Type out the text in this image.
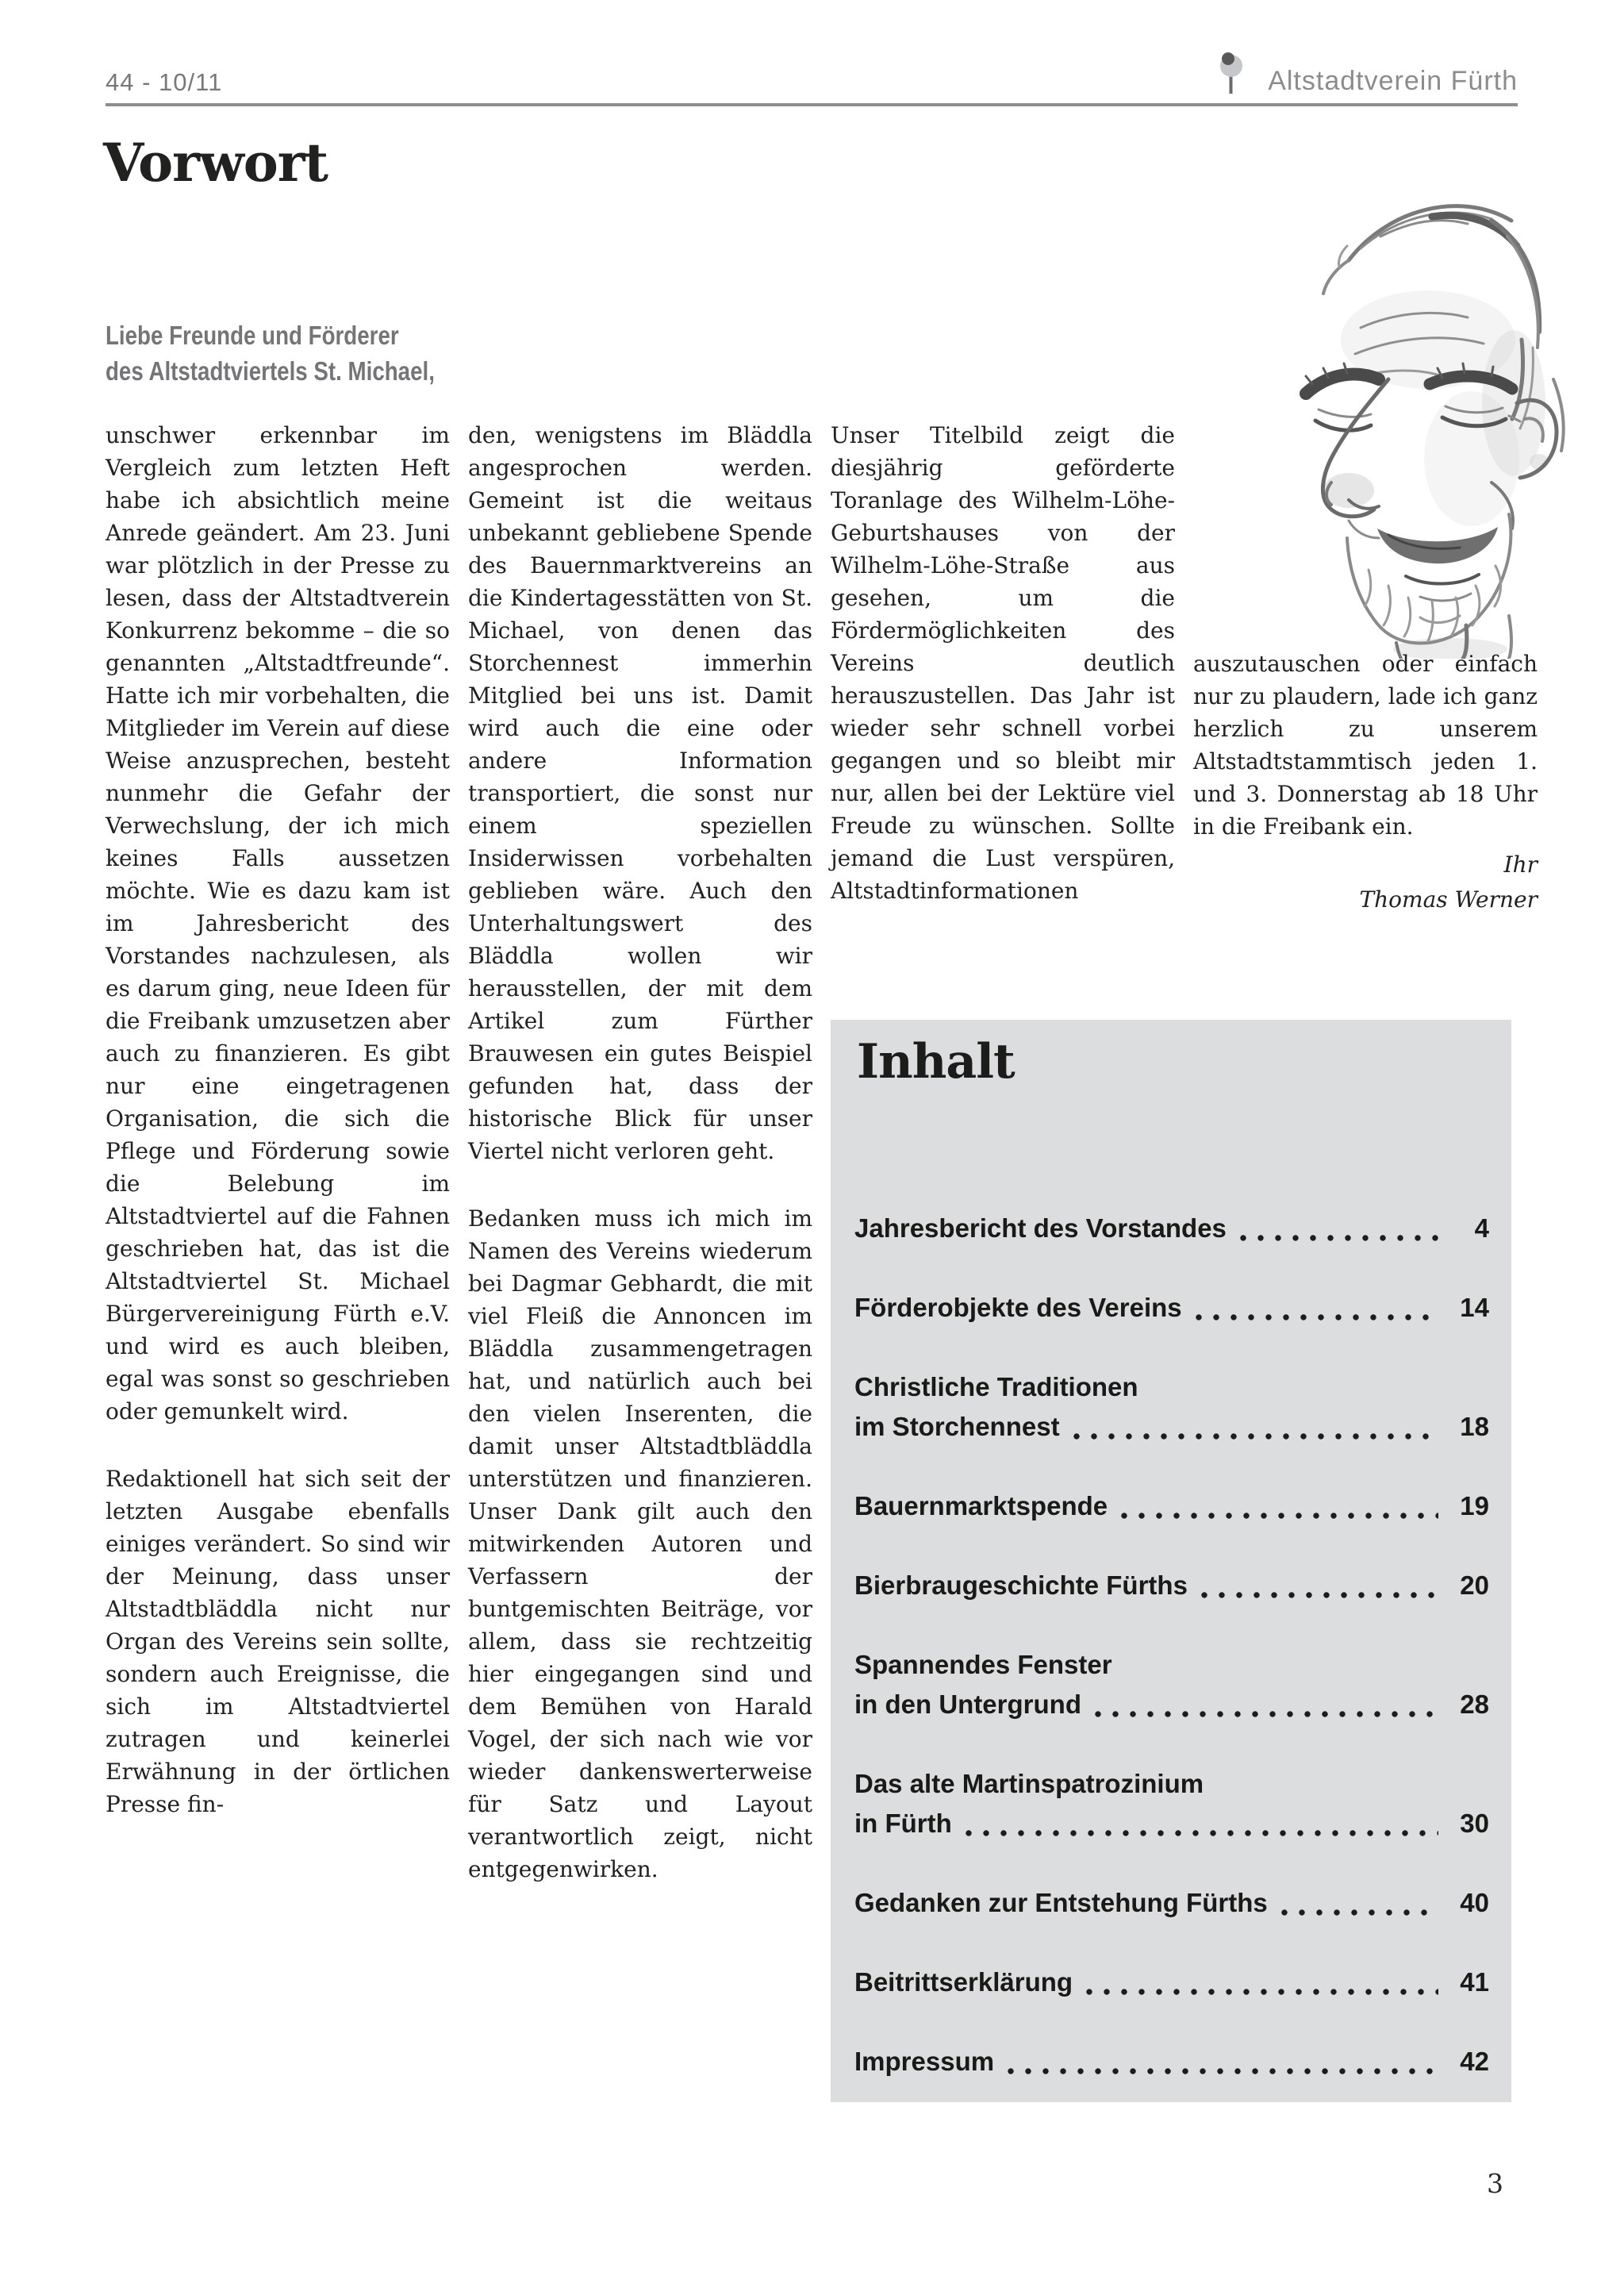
44 - 10/11	Altstadtverein Fürth
Vorwort
Liebe Freunde und Förderer
des Altstadtviertels St. Michael,
unschwer erkennbar im Vergleich zum letzten Heft habe ich absichtlich meine Anrede geändert. Am 23. Juni war plötzlich in der Presse zu lesen, dass der Altstadtverein Konkurrenz bekomme – die so genannten „Altstadtfreunde“. Hatte ich mir vorbehalten, die Mitglieder im Verein auf diese Weise anzusprechen, besteht nunmehr die Gefahr der Verwechslung, der ich mich keines Falls aussetzen möchte. Wie es dazu kam ist im Jahresbericht des Vorstandes nachzulesen, als es darum ging, neue Ideen für die Freibank umzusetzen aber auch zu finanzieren. Es gibt nur eine eingetragenen Organisation, die sich die Pflege und Förderung sowie die Belebung im Altstadtviertel auf die Fahnen geschrieben hat, das ist die Altstadtviertel St. Michael Bürgervereinigung Fürth e.V. und wird es auch bleiben, egal was sonst so geschrieben oder gemunkelt wird.
Redaktionell hat sich seit der letzten Ausgabe ebenfalls einiges verändert. So sind wir der Meinung, dass unser Altstadtbläddla nicht nur Organ des Vereins sein sollte, sondern auch Ereignisse, die sich im Altstadtviertel zutragen und keinerlei Erwähnung in der örtlichen Presse fin-
den, wenigstens im Bläddla angesprochen werden. Gemeint ist die weitaus unbekannt gebliebene Spende des Bauernmarktvereins an die Kindertagesstätten von St. Michael, von denen das Storchennest immerhin Mitglied bei uns ist. Damit wird auch die eine oder andere Information transportiert, die sonst nur einem speziellen Insiderwissen vorbehalten geblieben wäre. Auch den Unterhaltungswert des Bläddla wollen wir herausstellen, der mit dem Artikel zum Fürther Brauwesen ein gutes Beispiel gefunden hat, dass der historische Blick für unser Viertel nicht verloren geht.
Bedanken muss ich mich im Namen des Vereins wiederum bei Dagmar Gebhardt, die mit viel Fleiß die Annoncen im Bläddla zusammengetragen hat, und natürlich auch bei den vielen Inserenten, die damit unser Altstadtbläddla unterstützen und finanzieren. Unser Dank gilt auch den mitwirkenden Autoren und Verfassern der buntgemischten Beiträge, vor allem, dass sie rechtzeitig hier eingegangen sind und dem Bemühen von Harald Vogel, der sich nach wie vor wieder dankenswerterweise für Satz und Layout verantwortlich zeigt, nicht entgegenwirken.
Unser Titelbild zeigt die diesjährig geförderte Toranlage des Wilhelm-Löhe-Geburtshauses von der Wilhelm-Löhe-Straße aus gesehen, um die Fördermöglichkeiten des Vereins deutlich herauszustellen. Das Jahr ist wieder sehr schnell vorbei gegangen und so bleibt mir nur, allen bei der Lektüre viel Freude zu wünschen. Sollte jemand die Lust verspüren, Altstadtinformationen
auszutauschen oder einfach nur zu plaudern, lade ich ganz herzlich zu unserem Altstadtstammtisch jeden 1. und 3. Donnerstag ab 18 Uhr in die Freibank ein.
Ihr
Thomas Werner
Inhalt
Jahresbericht des Vorstandes	4
Förderobjekte des Vereins	14
Christliche Traditionen
im Storchennest	18
Bauernmarktspende	19
Bierbraugeschichte Fürths	20
Spannendes Fenster
in den Untergrund	28
Das alte Martinspatrozinium
in Fürth	30
Gedanken zur Entstehung Fürths	40
Beitrittserklärung	41
Impressum	42
3
